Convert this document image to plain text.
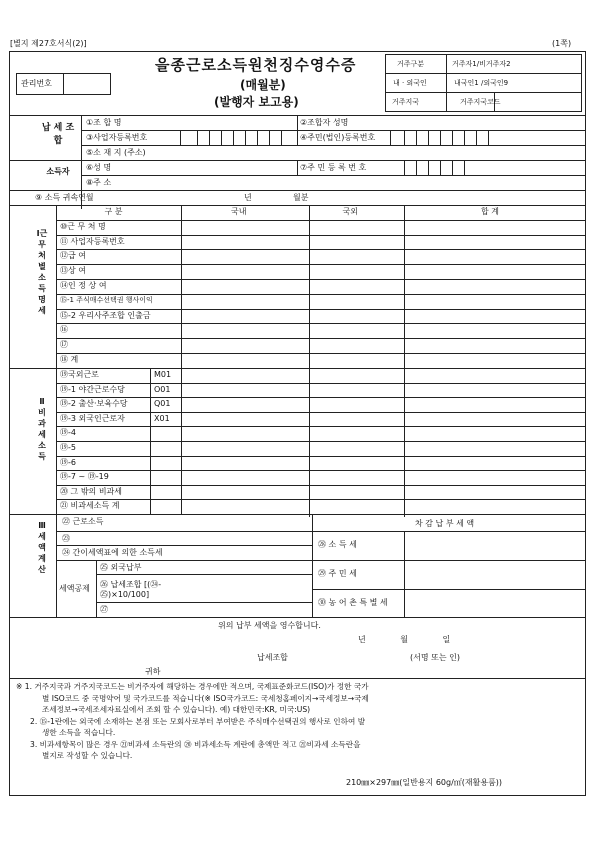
[별지 제27호서식(2)]	(1쪽)
관리번호
을종근로소득원천징수영수증
(매월분)
(발행자 보고용)
거주구분	거주자1/비거주자2
내 · 외국인	내국인1 /외국인9
거주지국	거주지국코드
납 세 조 합
①조 합 명	②조합자 성명
③사업자등록번호	④주민(법인)등록번호
⑤소 재 지 (주소)
소득자	⑥성 명	⑦주 민 등 록 번 호
⑧주 소
⑨ 소득 귀속연월	년	월분
Ⅰ근무처별소득명세
구 분	국내	국외	합 계
⑩근 무 처 명
⑪ 사업자등록번호
⑫급 여
⑬상 여
⑭인 정 상 여
⑮-1 주식매수선택권 행사이익
⑮-2 우리사주조합 인출금
⑯
⑰
⑱ 계
Ⅱ비과세소득
⑲국외근로	M01
⑲-1 야간근로수당	O01
⑲-2 출산·보육수당	Q01
⑲-3 외국인근로자	X01
⑲-4
⑲-5
⑲-6
⑲-7 ~ ⑲-19
⑳ 그 밖의 비과세
㉑ 비과세소득 계
Ⅲ세액계산
㉒ 근로소득
㉓
㉔ 간이세액표에 의한 소득세
세액공제
㉕ 외국납부
㉖ 납세조합 [(㉔-㉕)×10/100]
㉗
차 감 납 부 세 액
㉘ 소 득 세
㉙ 주 민 세
㉚ 농 어 촌 특 별 세
위의 납부 세액을 영수합니다.
년 월 일
납세조합	(서명 또는 인)
귀하
※ 1. 거주지국과 거주지국코드는 비거주자에 해당하는 경우에만 적으며, 국제표준화코드(ISO)가 정한 국가
별 ISO코드 중 국명약어 및 국가코드를 적습니다(※ ISO국가코드: 국세청홈페이지→국세정보→국제
조세정보→국세조세자료실에서 조회 할 수 있습니다). 예) 대한민국:KR, 미국:US)
2. ⑮-1란에는 외국에 소재하는 본점 또는 모회사로부터 부여받은 주식매수선택권의 행사로 인하여 발
생한 소득을 적습니다.
3. 비과세항목이 많은 경우 ㉑비과세 소득란의 ⑳ 비과세소득 계란에 총액만 적고 ㉑비과세 소득란을
별지로 작성할 수 있습니다.
210㎜×297㎜(일반용지 60g/㎡(재활용품))
